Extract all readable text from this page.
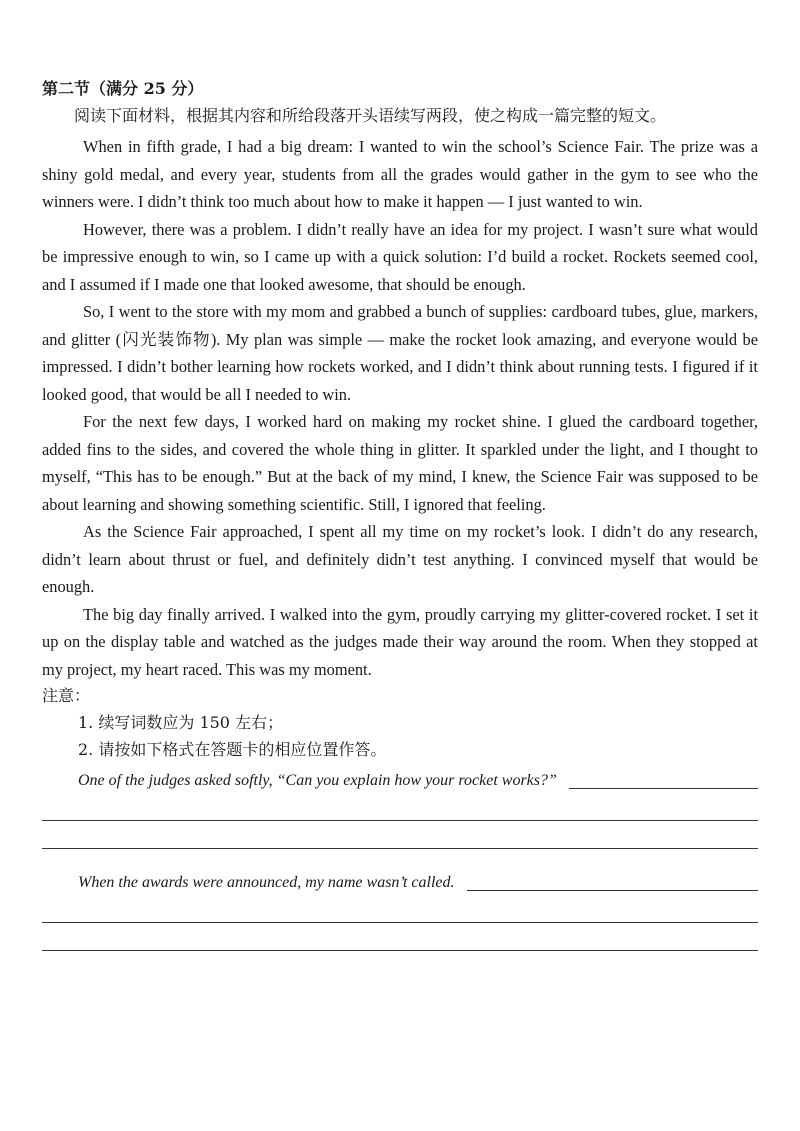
第二节（满分 25 分）

阅读下面材料，根据其内容和所给段落开头语续写两段，使之构成一篇完整的短文。

When in fifth grade, I had a big dream: I wanted to win the school’s Science Fair. The prize was a shiny gold medal, and every year, students from all the grades would gather in the gym to see who the winners were. I didn’t think too much about how to make it happen — I just wanted to win.

However, there was a problem. I didn’t really have an idea for my project. I wasn’t sure what would be impressive enough to win, so I came up with a quick solution: I’d build a rocket. Rockets seemed cool, and I assumed if I made one that looked awesome, that should be enough.

So, I went to the store with my mom and grabbed a bunch of supplies: cardboard tubes, glue, markers, and glitter (闪光装饰物). My plan was simple — make the rocket look amazing, and everyone would be impressed. I didn’t bother learning how rockets worked, and I didn’t think about running tests. I figured if it looked good, that would be all I needed to win.

For the next few days, I worked hard on making my rocket shine. I glued the cardboard together, added fins to the sides, and covered the whole thing in glitter. It sparkled under the light, and I thought to myself, “This has to be enough.” But at the back of my mind, I knew, the Science Fair was supposed to be about learning and showing something scientific. Still, I ignored that feeling.

As the Science Fair approached, I spent all my time on my rocket’s look. I didn’t do any research, didn’t learn about thrust or fuel, and definitely didn’t test anything. I convinced myself that would be enough.

The big day finally arrived. I walked into the gym, proudly carrying my glitter-covered rocket. I set it up on the display table and watched as the judges made their way around the room. When they stopped at my project, my heart raced. This was my moment.

注意：

1. 续写词数应为 150 左右；

2. 请按如下格式在答题卡的相应位置作答。

One of the judges asked softly, “Can you explain how your rocket works?”
When the awards were announced, my name wasn’t called.
